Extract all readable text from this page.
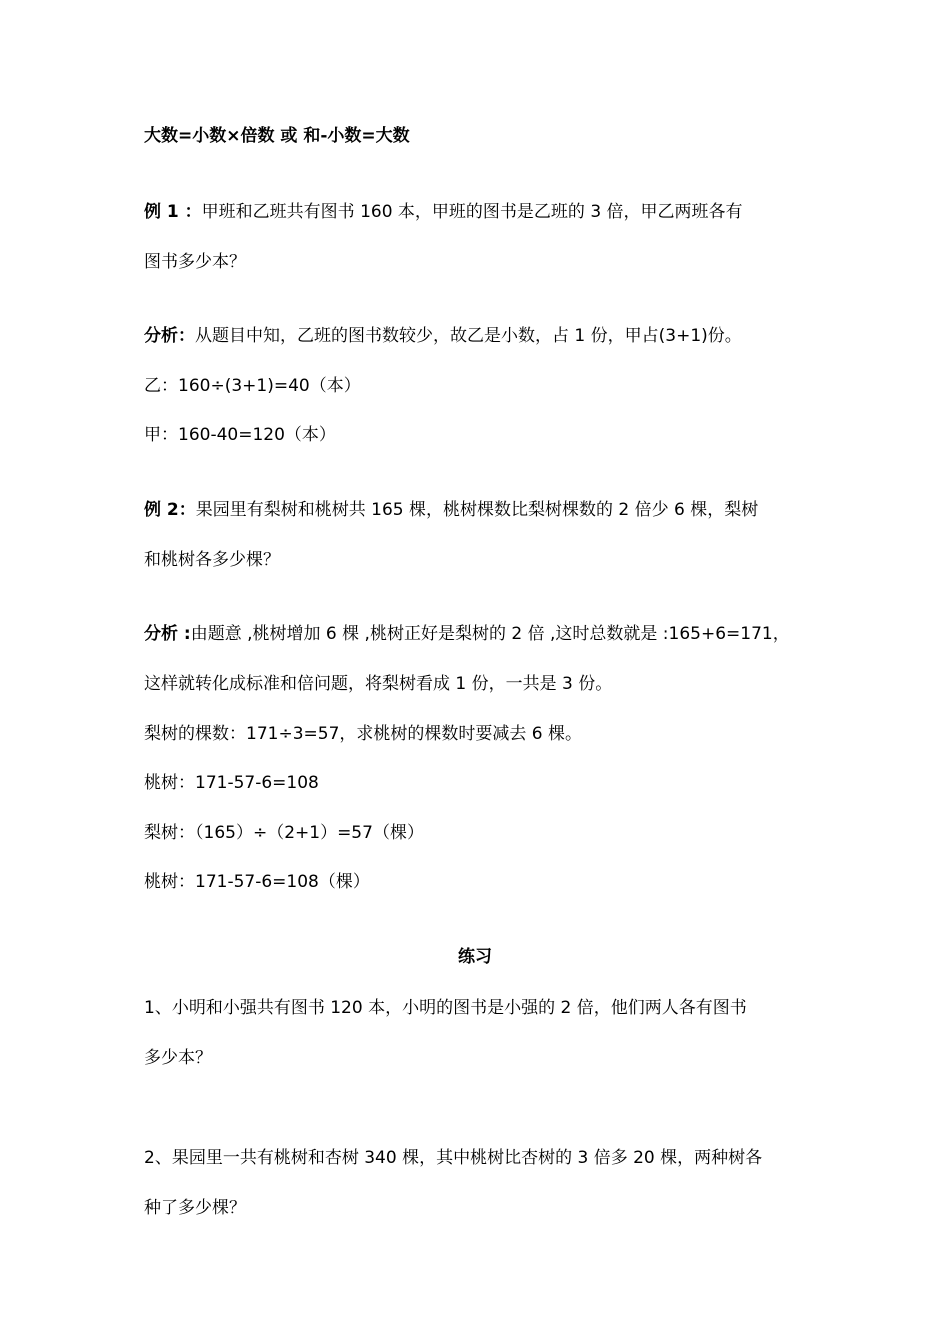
大数=小数×倍数 或 和-小数=大数
例 1 ：甲班和乙班共有图书 160 本，甲班的图书是乙班的 3 倍，甲乙两班各有
图书多少本？
分析：从题目中知，乙班的图书数较少，故乙是小数，占 1 份，甲占(3+1)份。
乙：160÷(3+1)=40（本）
甲：160-40=120（本）
例 2：果园里有梨树和桃树共 165 棵，桃树棵数比梨树棵数的 2 倍少 6 棵，梨树
和桃树各多少棵？
分析 :由题意 ,桃树增加 6 棵 ,桃树正好是梨树的 2 倍 ,这时总数就是 :165+6=171，
这样就转化成标准和倍问题，将梨树看成 1 份，一共是 3 份。
梨树的棵数：171÷3=57，求桃树的棵数时要减去 6 棵。
桃树：171-57-6=108
梨树：（165）÷（2+1）=57（棵）
桃树：171-57-6=108（棵）
练习
1、小明和小强共有图书 120 本，小明的图书是小强的 2 倍，他们两人各有图书
多少本？
2、果园里一共有桃树和杏树 340 棵，其中桃树比杏树的 3 倍多 20 棵，两种树各
种了多少棵？
